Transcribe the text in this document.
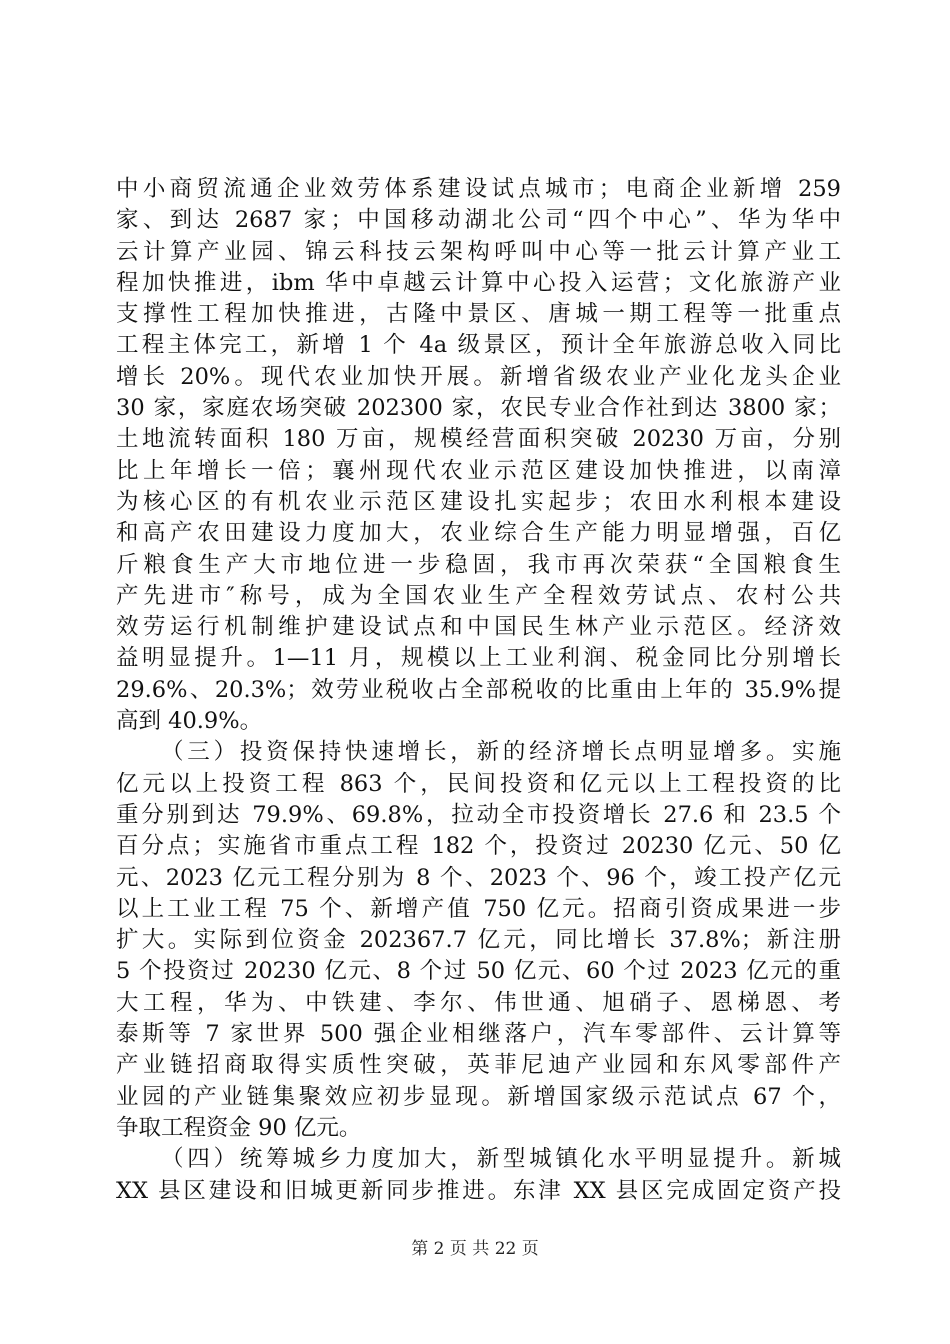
中小商贸流通企业效劳体系建设试点城市；电商企业新增 259
家、到达 2687 家；中国移动湖北公司“四个中心”、华为华中
云计算产业园、锦云科技云架构呼叫中心等一批云计算产业工
程加快推进，ibm 华中卓越云计算中心投入运营；文化旅游产业
支撑性工程加快推进，古隆中景区、唐城一期工程等一批重点
工程主体完工，新增 1 个 4a 级景区，预计全年旅游总收入同比
增长 20%。现代农业加快开展。新增省级农业产业化龙头企业
30 家，家庭农场突破 202300 家，农民专业合作社到达 3800 家；
土地流转面积 180 万亩，规模经营面积突破 20230 万亩，分别
比上年增长一倍；襄州现代农业示范区建设加快推进，以南漳
为核心区的有机农业示范区建设扎实起步；农田水利根本建设
和高产农田建设力度加大，农业综合生产能力明显增强，百亿
斤粮食生产大市地位进一步稳固，我市再次荣获“全国粮食生
产先进市″称号，成为全国农业生产全程效劳试点、农村公共
效劳运行机制维护建设试点和中国民生林产业示范区。经济效
益明显提升。1—11 月，规模以上工业利润、税金同比分别增长
29.6%、20.3%；效劳业税收占全部税收的比重由上年的 35.9%提
高到 40.9%。
（三）投资保持快速增长，新的经济增长点明显增多。实施
亿元以上投资工程 863 个，民间投资和亿元以上工程投资的比
重分别到达 79.9%、69.8%，拉动全市投资增长 27.6 和 23.5 个
百分点；实施省市重点工程 182 个，投资过 20230 亿元、50 亿
元、2023 亿元工程分别为 8 个、2023 个、96 个，竣工投产亿元
以上工业工程 75 个、新增产值 750 亿元。招商引资成果进一步
扩大。实际到位资金 202367.7 亿元，同比增长 37.8%；新注册
5 个投资过 20230 亿元、8 个过 50 亿元、60 个过 2023 亿元的重
大工程，华为、中铁建、李尔、伟世通、旭硝子、恩梯恩、考
泰斯等 7 家世界 500 强企业相继落户，汽车零部件、云计算等
产业链招商取得实质性突破，英菲尼迪产业园和东风零部件产
业园的产业链集聚效应初步显现。新增国家级示范试点 67 个，
争取工程资金 90 亿元。
（四）统筹城乡力度加大，新型城镇化水平明显提升。新城
XX 县区建设和旧城更新同步推进。东津 XX 县区完成固定资产投
第 2 页 共 22 页
